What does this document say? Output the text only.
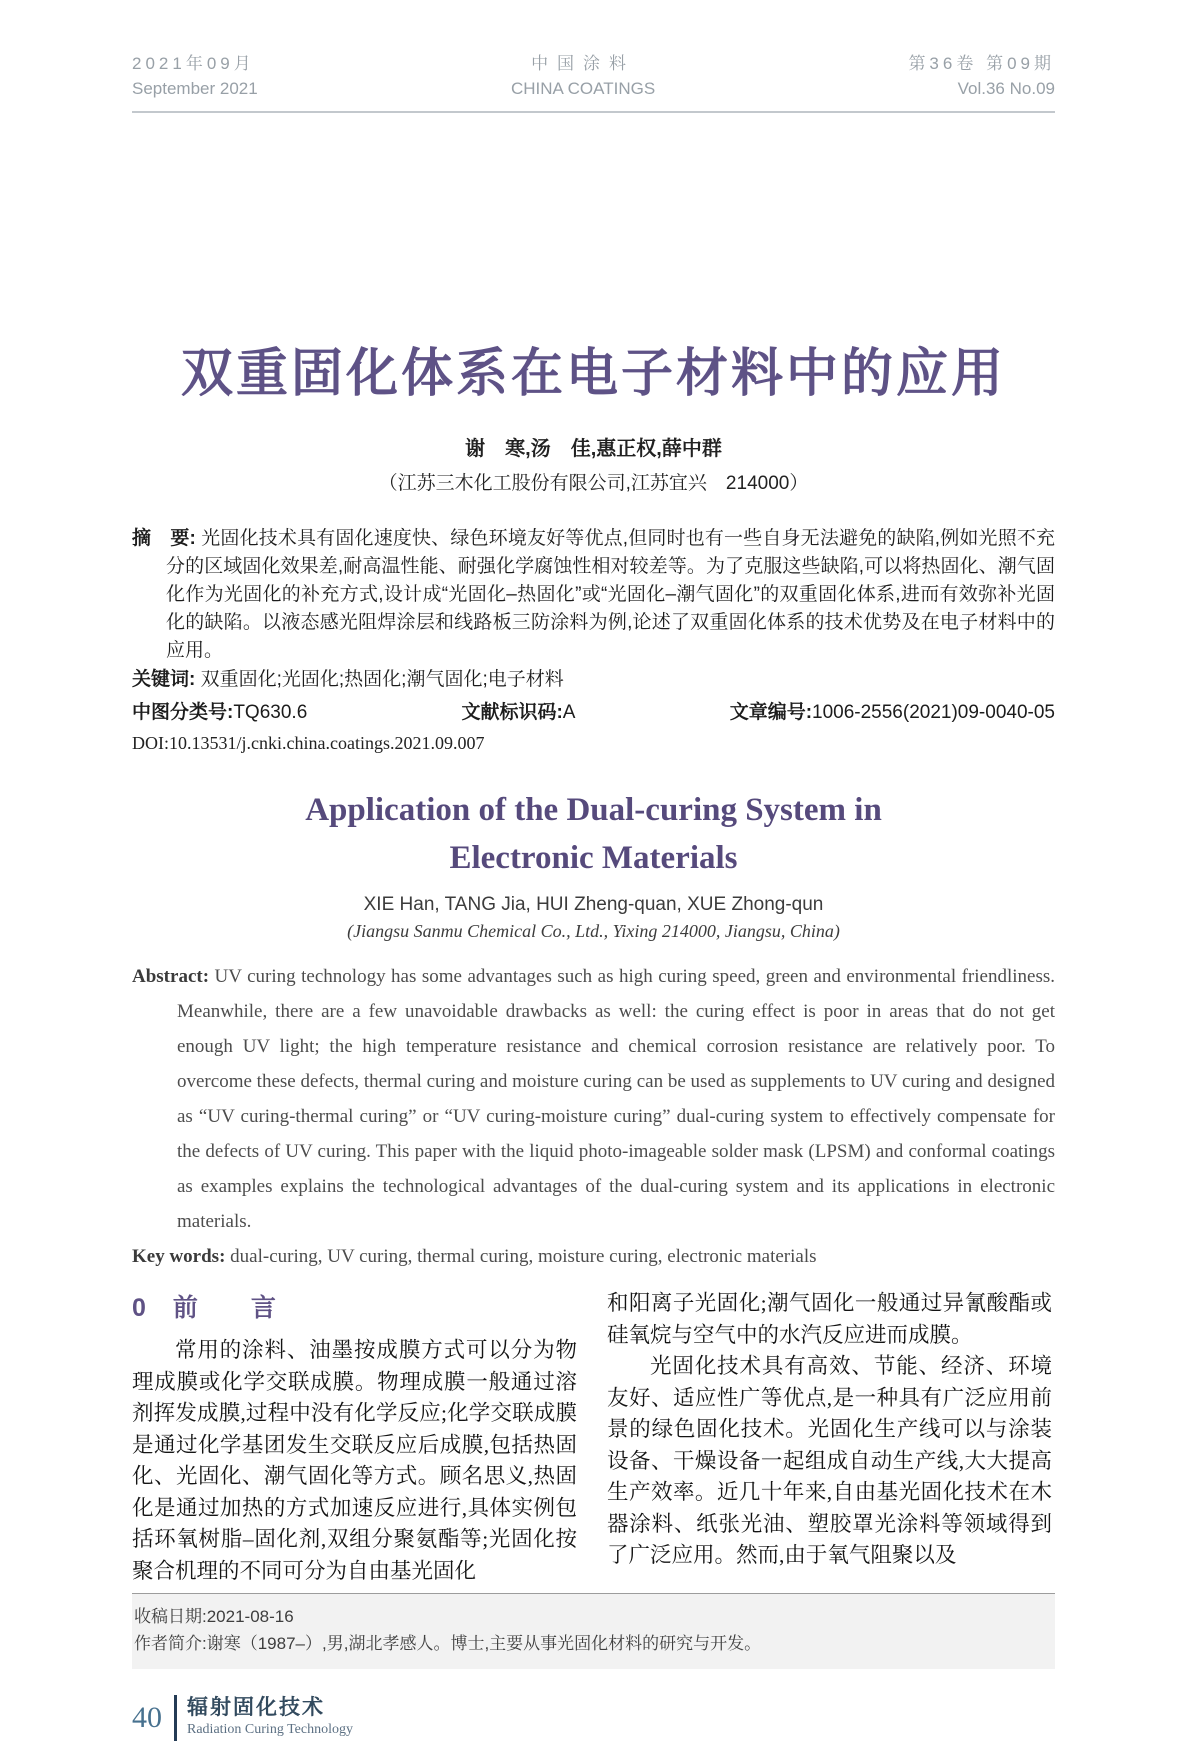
2021年09月
September 2021
中国涂料
CHINA COATINGS
第36卷 第09期
Vol.36 No.09
双重固化体系在电子材料中的应用
谢　寒,汤　佳,惠正权,薛中群
（江苏三木化工股份有限公司,江苏宜兴　214000）

摘　要: 光固化技术具有固化速度快、绿色环境友好等优点,但同时也有一些自身无法避免的缺陷,例如光照不充分的区域固化效果差,耐高温性能、耐强化学腐蚀性相对较差等。为了克服这些缺陷,可以将热固化、潮气固化作为光固化的补充方式,设计成“光固化–热固化”或“光固化–潮气固化”的双重固化体系,进而有效弥补光固化的缺陷。以液态感光阻焊涂层和线路板三防涂料为例,论述了双重固化体系的技术优势及在电子材料中的应用。

关键词: 双重固化;光固化;热固化;潮气固化;电子材料

中图分类号:TQ630.6	文献标识码:A	文章编号:1006-2556(2021)09-0040-05
DOI:10.13531/j.cnki.china.coatings.2021.09.007
Application of the Dual-curing System in
Electronic Materials
XIE Han, TANG Jia, HUI Zheng-quan, XUE Zhong-qun
(Jiangsu Sanmu Chemical Co., Ltd., Yixing 214000, Jiangsu, China)

Abstract: UV curing technology has some advantages such as high curing speed, green and environmental friendliness. Meanwhile, there are a few unavoidable drawbacks as well: the curing effect is poor in areas that do not get enough UV light; the high temperature resistance and chemical corrosion resistance are relatively poor. To overcome these defects, thermal curing and moisture curing can be used as supplements to UV curing and designed as “UV curing-thermal curing” or “UV curing-moisture curing” dual-curing system to effectively compensate for the defects of UV curing. This paper with the liquid photo-imageable solder mask (LPSM) and conformal coatings as examples explains the technological advantages of the dual-curing system and its applications in electronic materials.

Key words: dual-curing, UV curing, thermal curing, moisture curing, electronic materials

0 前　言

常用的涂料、油墨按成膜方式可以分为物理成膜或化学交联成膜。物理成膜一般通过溶剂挥发成膜,过程中没有化学反应;化学交联成膜是通过化学基团发生交联反应后成膜,包括热固化、光固化、潮气固化等方式。顾名思义,热固化是通过加热的方式加速反应进行,具体实例包括环氧树脂–固化剂,双组分聚氨酯等;光固化按聚合机理的不同可分为自由基光固化

和阳离子光固化;潮气固化一般通过异氰酸酯或硅氧烷与空气中的水汽反应进而成膜。

光固化技术具有高效、节能、经济、环境友好、适应性广等优点,是一种具有广泛应用前景的绿色固化技术。光固化生产线可以与涂装设备、干燥设备一起组成自动生产线,大大提高生产效率。近几十年来,自由基光固化技术在木器涂料、纸张光油、塑胶罩光涂料等领域得到了广泛应用。然而,由于氧气阻聚以及

收稿日期:2021-08-16
作者简介:谢寒（1987–）,男,湖北孝感人。博士,主要从事光固化材料的研究与开发。
40 辐射固化技术
Radiation Curing Technology
